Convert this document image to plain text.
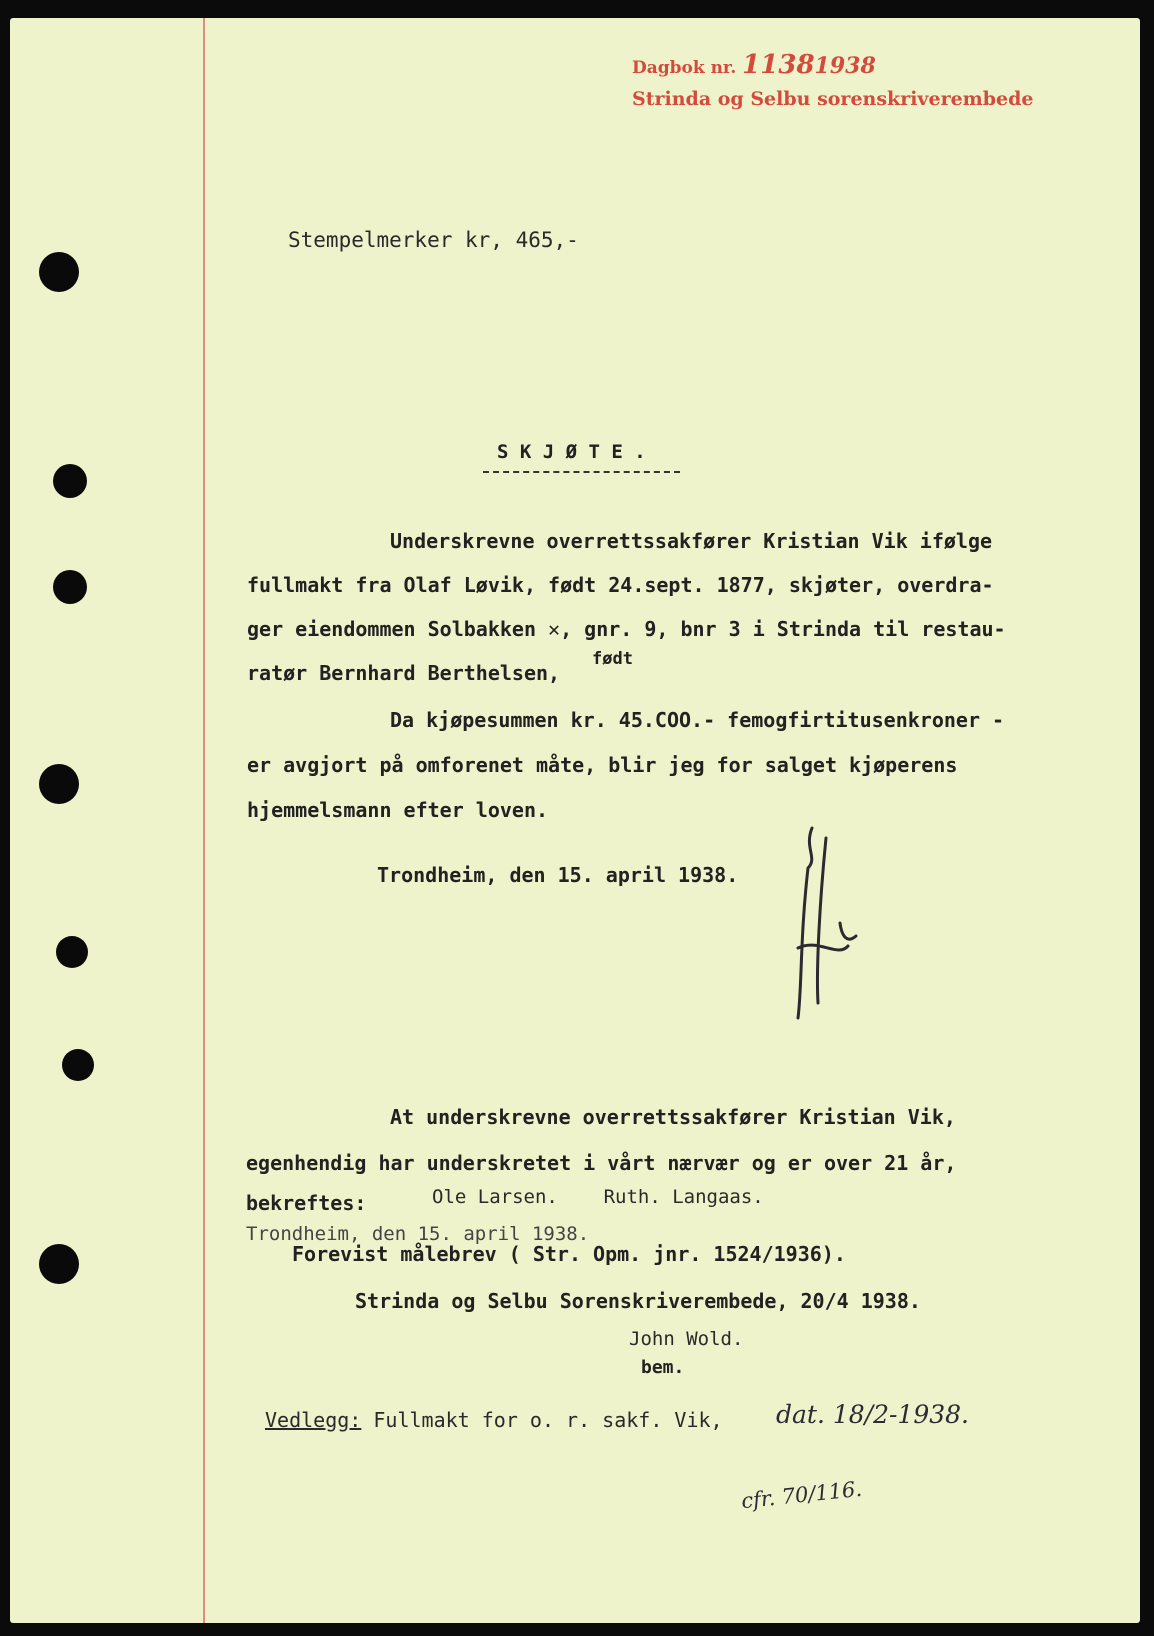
Dagbok nr. 11381938
Strinda og Selbu sorenskriverembede
Stempelmerker kr, 465,-
S K J Ø T E .
Underskrevne overrettssakfører Kristian Vik ifølge
fullmakt fra Olaf Løvik, født 24.sept. 1877, skjøter, overdra-
ger eiendommen Solbakken ✕, gnr. 9, bnr 3 i Strinda til restau-
ratør Bernhard Berthelsen,
født
Da kjøpesummen kr. 45.COO.- femogfirtitusenkroner -
er avgjort på omforenet måte, blir jeg for salget kjøperens
hjemmelsmann efter loven.
Trondheim, den 15. april 1938.
At underskrevne overrettssakfører Kristian Vik,
egenhendig har underskretet i vårt nærvær og er over 21 år,
bekreftes:	Ole Larsen.    Ruth. Langaas.
Trondheim, den 15. april 1938.
Forevist målebrev ( Str. Opm. jnr. 1524/1936).
Strinda og Selbu Sorenskriverembede, 20/4 1938.
John Wold.
bem.
Vedlegg: Fullmakt for o. r. sakf. Vik, dat. 18/2-1938.
cfr. 70/116.
